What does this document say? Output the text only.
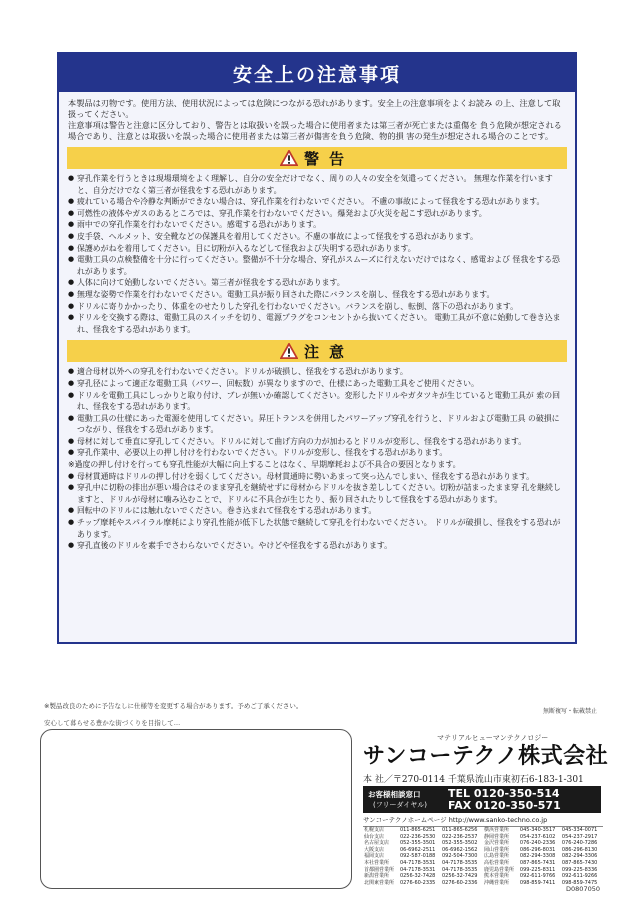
安全上の注意事項

本製品は刃物です。使用方法、使用状況によっては危険につながる恐れがあります。安全上の注意事項をよくお読み の上、注意して取扱ってください。

注意事項は警告と注意に区分しており、警告とは取扱いを誤った場合に使用者または第三者が死亡または重傷を 負う危険が想定される場合であり、注意とは取扱いを誤った場合に使用者または第三者が傷害を負う危険、物的損 害の発生が想定される場合のことです。

警告
● 穿孔作業を行うときは現場環境をよく理解し、自分の安全だけでなく、周りの人々の安全を気遣ってください。 無理な作業を行いますと、自分だけでなく第三者が怪我をする恐れがあります。
● 疲れている場合や冷静な判断ができない場合は、穿孔作業を行わないでください。 不慮の事故によって怪我をする恐れがあります。
● 可燃性の液体やガスのあるところでは、穿孔作業を行わないでください。爆発および火災を起こす恐れがあります。
● 雨中での穿孔作業を行わないでください。感電する恐れがあります。
● 皮手袋、ヘルメット、安全靴などの保護具を着用してください。不慮の事故によって怪我をする恐れがあります。
● 保護めがねを着用してください。目に切粉が入るなどして怪我および失明する恐れがあります。
● 電動工具の点検整備を十分に行ってください。整備が不十分な場合、穿孔がスムーズに行えないだけではなく、感電および 怪我をする恐れがあります。
● 人体に向けて始動しないでください。第三者が怪我をする恐れがあります。
● 無理な姿勢で作業を行わないでください。電動工具が振り回された際にバランスを崩し、怪我をする恐れがあります。
● ドリルに寄りかかったり、体重をのせたりした穿孔を行わないでください。バランスを崩し、転倒、落下の恐れがあります。
● ドリルを交換する際は、電動工具のスイッチを切り、電源プラグをコンセントから抜いてください。 電動工具が不意に始動して巻き込まれ、怪我をする恐れがあります。
注意
● 適合母材以外への穿孔を行わないでください。ドリルが破損し、怪我をする恐れがあります。
● 穿孔径によって適正な電動工具（パワー、回転数）が異なりますので、仕様にあった電動工具をご使用ください。
● ドリルを電動工具にしっかりと取り付け、ブレが無いか確認してください。変形したドリルやガタツキが生じていると電動工具が 索の回れ、怪我をする恐れがあります。
● 電動工具の仕様にあった電源を使用してください。昇圧トランスを併用したパワーアップ穿孔を行うと、ドリルおよび電動工具 の破損につながり、怪我をする恐れがあります。
● 母材に対して垂直に穿孔してください。ドリルに対して曲げ方向の力が加わるとドリルが変形し、怪我をする恐れがあります。
● 穿孔作業中、必要以上の押し付けを行わないでください。ドリルが変形し、怪我をする恐れがあります。
※過度の押し付けを行っても穿孔性能が大幅に向上することはなく、早期摩耗および不具合の要因となります。
● 母材貫通時はドリルの押し付けを弱くしてください。母材貫通時に勢いあまって突っ込んでしまい、怪我をする恐れがあります。
● 穿孔中に切粉の排出が悪い場合はそのまま穿孔を継続せずに母材からドリルを抜き差ししてください。切粉が詰まったまま穿 孔を継続しますと、ドリルが母材に噛み込むことで、ドリルに不具合が生じたり、振り回されたりして怪我をする恐れがあります。
● 回転中のドリルには触れないでください。巻き込まれて怪我をする恐れがあります。
● チップ摩耗やスパイラル摩耗により穿孔性能が低下した状態で継続して穿孔を行わないでください。 ドリルが破損し、怪我をする恐れがあります。
● 穿孔直後のドリルを素手でさわらないでください。やけどや怪我をする恐れがあります。
※製品改良のために予告なしに仕様等を変更する場合があります。予めご了承ください。
無断複写・転載禁止
安心して暮らせる豊かな街づくりを目指して…
マテリアルヒューマンテクノロジー
サンコーテクノ株式会社
本 社／〒270-0114 千葉県流山市東初石6-183-1-301
お客様相談窓口
(フリーダイヤル)
TEL 0120-350-514
FAX 0120-350-571
サンコーテクノホームページ http://www.sanko-techno.co.jp
札幌支店	011-865-6251	011-865-6256	横浜営業所	045-340-3517	045-334-0071
仙台支店	022-236-2530	022-236-2537	静岡営業所	054-237-6102	054-237-2917
名古屋支店	052-355-3501	052-355-3502	金沢営業所	076-240-2336	076-240-7286
大阪支店	06-6962-2511	06-6962-1562	岡山営業所	086-296-8031	086-296-8130
福岡支店	092-587-0188	092-504-7300	広島営業所	082-294-3308	082-294-3306
本社営業所	04-7178-3531	04-7178-3535	高松営業所	087-865-7431	087-865-7430
首都圏営業所	04-7178-3531	04-7178-3535	鹿児島営業所	099-225-8311	099-225-8336
新潟営業所	0256-32-7428	0256-32-7429	熊本営業所	092-611-9766	092-611-9266
北関東営業所	0276-60-2335	0276-60-2336	沖縄営業所	098-859-7411	098-859-7475
D0807050
